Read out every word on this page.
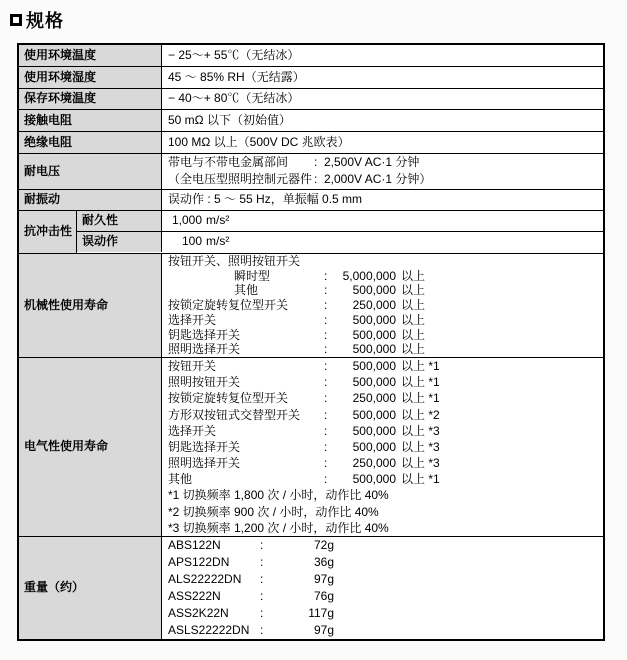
规格
使用环境温度	− 25～+ 55℃（无结冰）
使用环境湿度	45 ～ 85% RH（无结露）
保存环境温度	− 40～+ 80℃（无结冰）
接触电阻	50 mΩ 以下（初始值）
绝缘电阻	100 MΩ 以上（500V DC 兆欧表）
耐电压
带电与不带电金属部间	: 2,500V AC·1 分钟
（全电压型照明控制元器件 : 2,000V AC·1 分钟）
耐振动	误动作 : 5 ～ 55 Hz，单振幅 0.5 mm
抗冲击性
耐久性	1,000 m/s²
误动作	100 m/s²
机械性使用寿命
按钮开关、照明按钮开关
瞬时型	:	5,000,000 以上
其他	:	500,000 以上
按锁定旋转复位型开关	:	250,000 以上
选择开关	:	500,000 以上
钥匙选择开关	:	500,000 以上
照明选择开关	:	500,000 以上
电气性使用寿命
按钮开关	:	500,000 以上 *1
照明按钮开关	:	500,000 以上 *1
按锁定旋转复位型开关	:	250,000 以上 *1
方形双按钮式交替型开关	:	500,000 以上 *2
选择开关	:	500,000 以上 *3
钥匙选择开关	:	500,000 以上 *3
照明选择开关	:	250,000 以上 *3
其他	:	500,000 以上 *1
*1 切换频率 1,800 次 / 小时，动作比 40%
*2 切换频率 900 次 / 小时，动作比 40%
*3 切换频率 1,200 次 / 小时，动作比 40%
重量（约）
ABS122N	:	72g
APS122DN	:	36g
ALS22222DN	:	97g
ASS222N	:	76g
ASS2K22N	:	117g
ASLS22222DN :	97g
